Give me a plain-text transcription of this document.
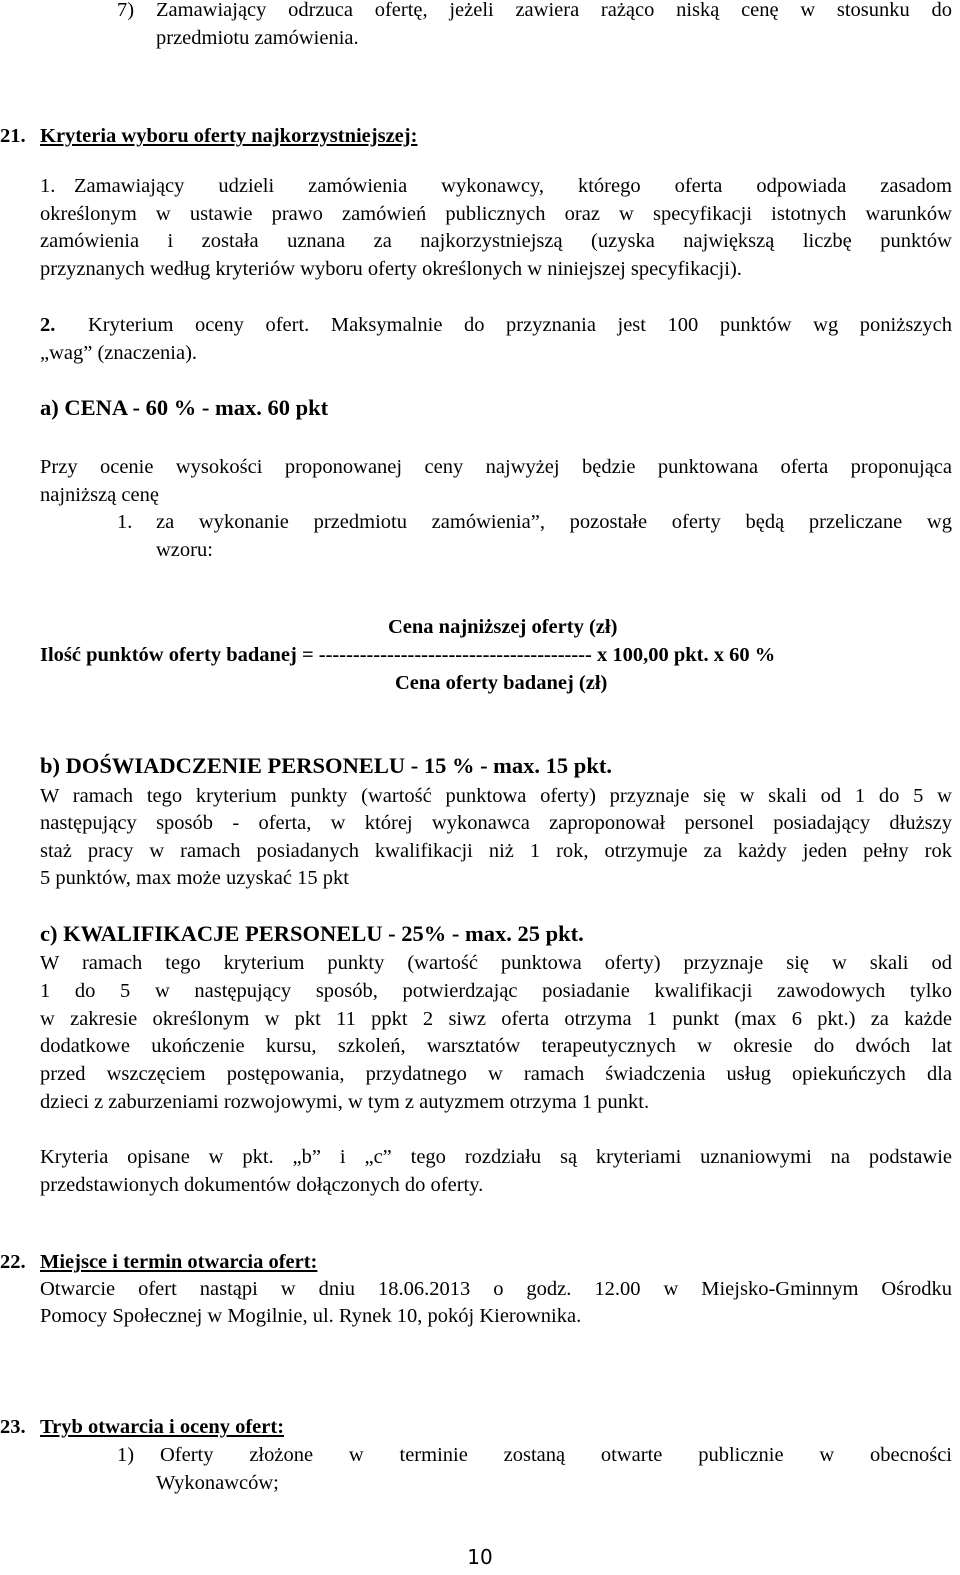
7) Zamawiający odrzuca ofertę, jeżeli zawiera rażąco niską cenę w stosunku do
przedmiotu zamówienia.
21. Kryteria wyboru oferty najkorzystniejszej:
1. Zamawiający udzieli zamówienia wykonawcy, którego oferta odpowiada zasadom
określonym w ustawie prawo zamówień publicznych oraz w specyfikacji istotnych warunków
zamówienia i została uznana za najkorzystniejszą (uzyska największą liczbę punktów
przyznanych według kryteriów wyboru oferty określonych w niniejszej specyfikacji).
2. Kryterium oceny ofert. Maksymalnie do przyznania jest 100 punktów wg poniższych
„wag” (znaczenia).
a) CENA - 60 % - max. 60 pkt
Przy ocenie wysokości proponowanej ceny najwyżej będzie punktowana oferta proponująca
najniższą cenę
1. za wykonanie przedmiotu zamówienia”, pozostałe oferty będą przeliczane wg
wzoru:
Cena najniższej oferty (zł)
Ilość punktów oferty badanej = ---------------------------------------- x 100,00 pkt. x 60 %
Cena oferty badanej (zł)
b) DOŚWIADCZENIE PERSONELU - 15 % - max. 15 pkt.
W ramach tego kryterium punkty (wartość punktowa oferty) przyznaje się w skali od 1 do 5 w
następujący sposób - oferta, w której wykonawca zaproponował personel posiadający dłuższy
staż pracy w ramach posiadanych kwalifikacji niż 1 rok, otrzymuje za każdy jeden pełny rok
5 punktów, max może uzyskać 15 pkt
c) KWALIFIKACJE PERSONELU - 25% - max. 25 pkt.
W ramach tego kryterium punkty (wartość punktowa oferty) przyznaje się w skali od
1 do 5 w następujący sposób, potwierdzając posiadanie kwalifikacji zawodowych tylko
w zakresie określonym w pkt 11 ppkt 2 siwz oferta otrzyma 1 punkt (max 6 pkt.) za każde
dodatkowe ukończenie kursu, szkoleń, warsztatów terapeutycznych w okresie do dwóch lat
przed wszczęciem postępowania, przydatnego w ramach świadczenia usług opiekuńczych dla
dzieci z zaburzeniami rozwojowymi, w tym z autyzmem otrzyma 1 punkt.
Kryteria opisane w pkt. „b” i „c” tego rozdziału są kryteriami uznaniowymi na podstawie
przedstawionych dokumentów dołączonych do oferty.
22. Miejsce i termin otwarcia ofert:
Otwarcie ofert nastąpi w dniu 18.06.2013 o godz. 12.00 w Miejsko-Gminnym Ośrodku
Pomocy Społecznej w Mogilnie, ul. Rynek 10, pokój Kierownika.
23. Tryb otwarcia i oceny ofert:
1) Oferty złożone w terminie zostaną otwarte publicznie w obecności
Wykonawców;
10
